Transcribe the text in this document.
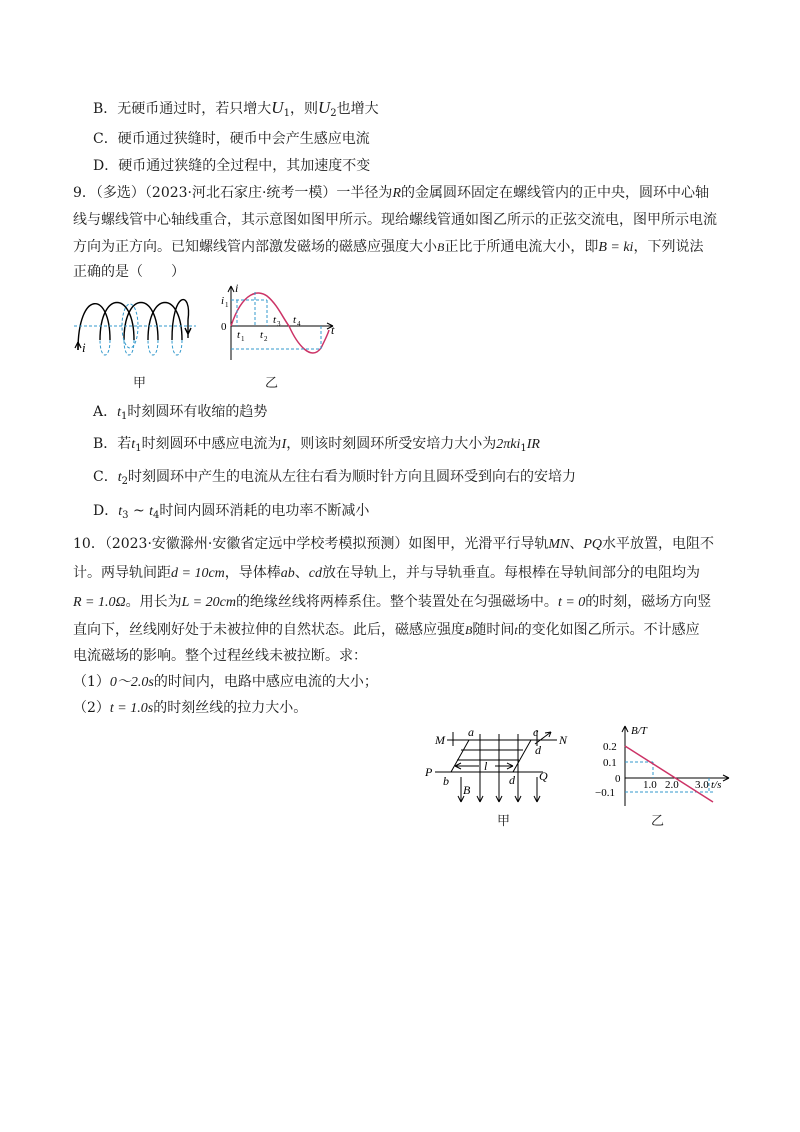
B．无硬币通过时，若只增大$U_1$，则$U_2$也增大
C．硬币通过狭缝时，硬币中会产生感应电流
D．硬币通过狭缝的全过程中，其加速度不变
9．（多选）（2023·河北石家庄·统考一模）一半径为R的金属圆环固定在螺线管内的正中央，圆环中心轴
线与螺线管中心轴线重合，其示意图如图甲所示。现给螺线管通如图乙所示的正弦交流电，图甲所示电流
方向为正方向。已知螺线管内部激发磁场的磁感应强度大小B正比于所通电流大小，即B = ki，下列说法
正确的是（　　）
i
甲
i
t
0
i 1
t 1 t 2
t 3 t 4
乙
A．$t_1$时刻圆环有收缩的趋势
B．若$t_1$时刻圆环中感应电流为I，则该时刻圆环所受安培力大小为2πki$_1$IR
C．$t_2$时刻圆环中产生的电流从左往右看为顺时针方向且圆环受到向右的安培力
D．$t_3$ ~ $t_4$时间内圆环消耗的电功率不断减小
10．（2023·安徽滁州·安徽省定远中学校考模拟预测）如图甲，光滑平行导轨MN、PQ水平放置，电阻不
计。两导轨间距d = 10cm，导体棒ab、cd放在导轨上，并与导轨垂直。每根棒在导轨间部分的电阻均为
R = 1.0Ω。用长为L = 20cm的绝缘丝线将两棒系住。整个装置处在匀强磁场中。t = 0的时刻，磁场方向竖
直向下，丝线刚好处于未被拉伸的自然状态。此后，磁感应强度B随时间t的变化如图乙所示。不计感应
电流磁场的影响。整个过程丝线未被拉断。求：
（1）0～2.0s的时间内，电路中感应电流的大小；
（2）t = 1.0s的时刻丝线的拉力大小。
M	N
P	Q
a
b
c
d
d
l
B
甲
B/T
t/s
0.2
0.1
0
−0.1
1.0 2.0 3.0
乙
